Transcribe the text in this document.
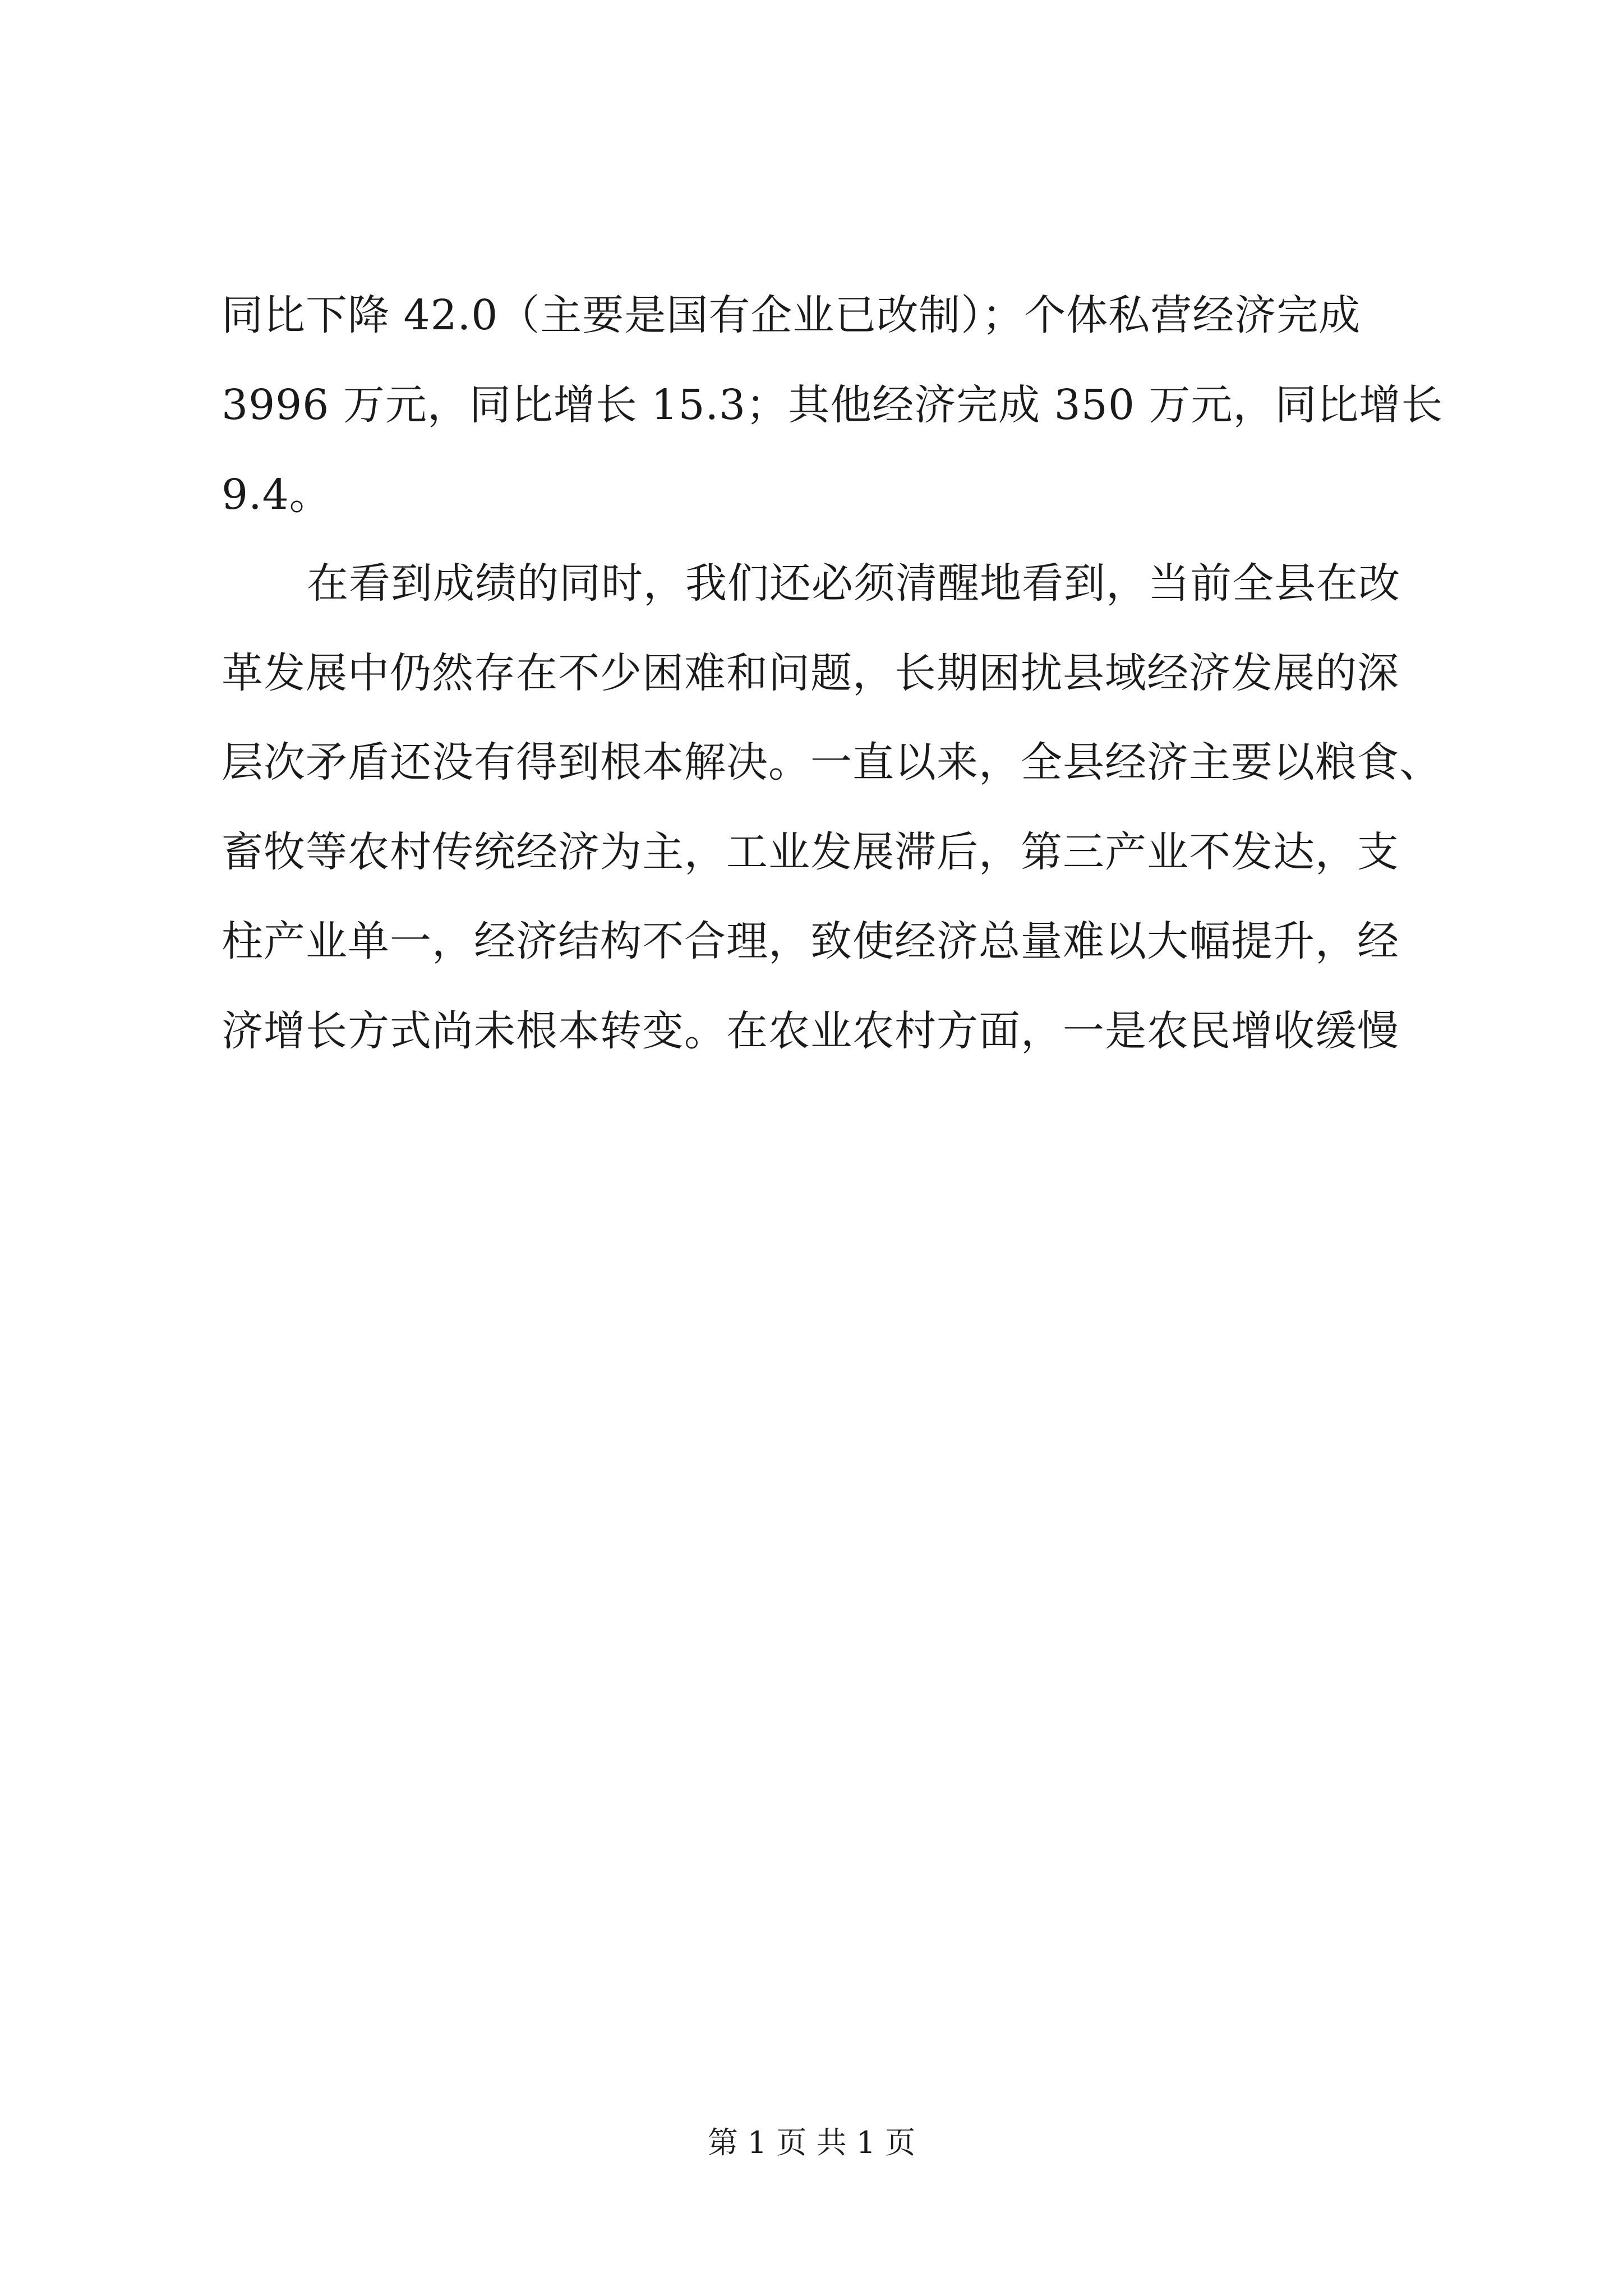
同比下降 42.0（主要是国有企业已改制）；个体私营经济完成
3996 万元，同比增长 15.3；其他经济完成 350 万元，同比增长
9.4。
在看到成绩的同时，我们还必须清醒地看到，当前全县在改
革发展中仍然存在不少困难和问题，长期困扰县域经济发展的深
层次矛盾还没有得到根本解决。一直以来，全县经济主要以粮食、
畜牧等农村传统经济为主，工业发展滞后，第三产业不发达，支
柱产业单一，经济结构不合理，致使经济总量难以大幅提升，经
济增长方式尚未根本转变。在农业农村方面，一是农民增收缓慢
第 1 页 共 1 页
